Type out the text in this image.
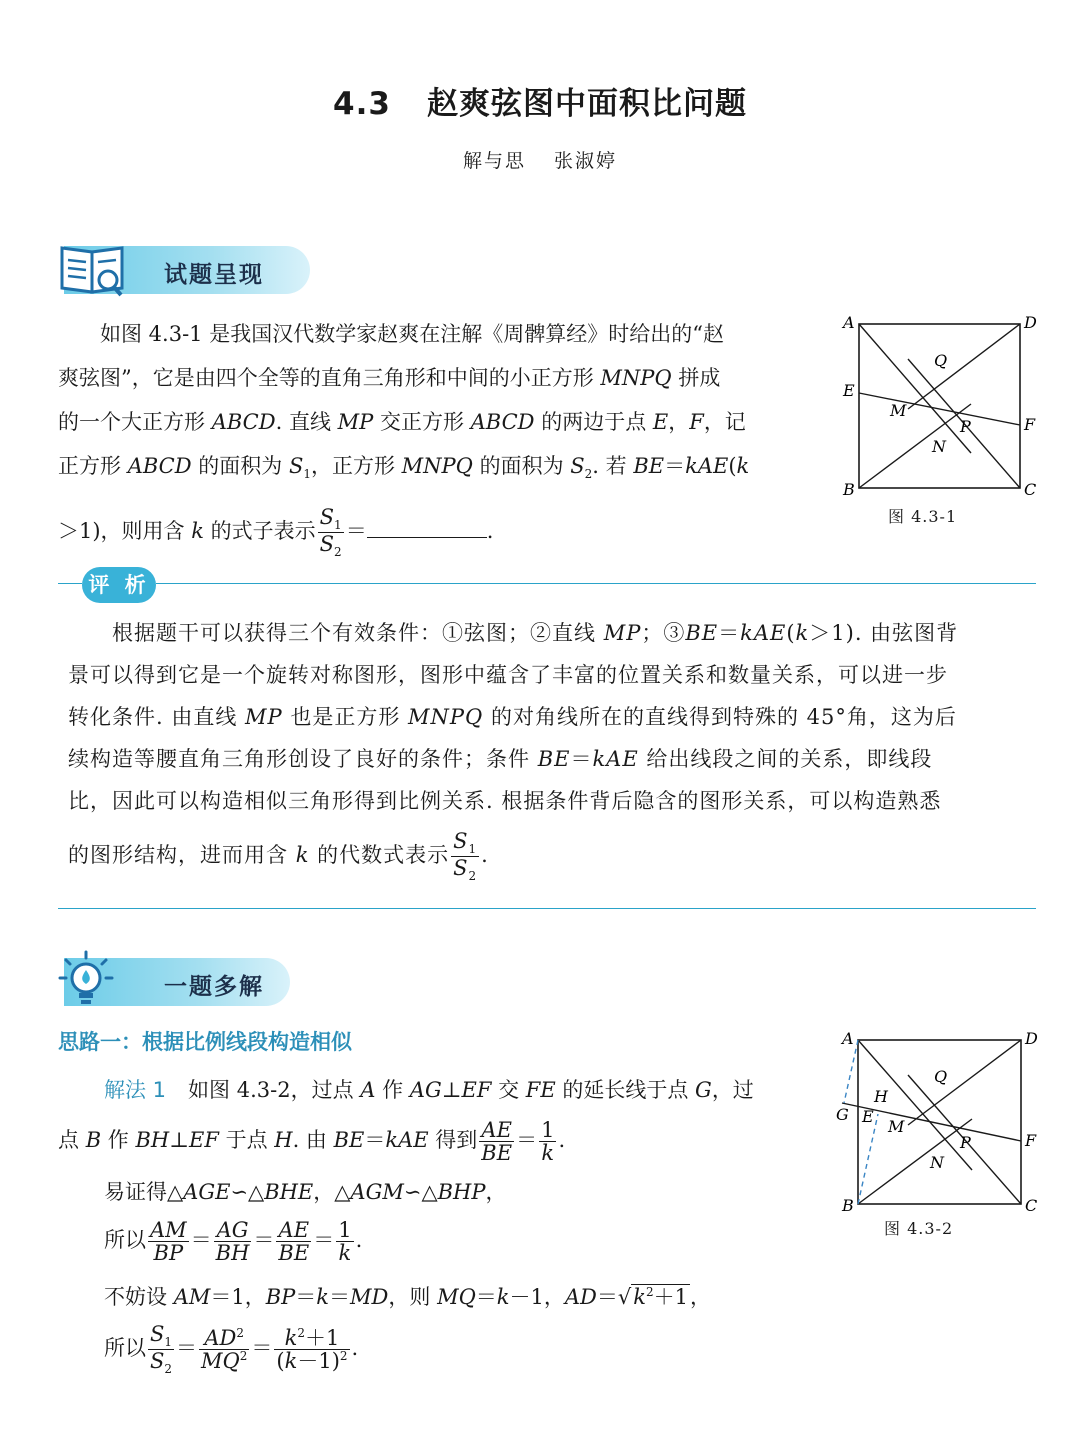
4.3 赵爽弦图中面积比问题
解与思 张淑婷
试题呈现

如图 4.3-1 是我国汉代数学家赵爽在注解《周髀算经》时给出的“赵

爽弦图”，它是由四个全等的直角三角形和中间的小正方形 MNPQ 拼成

的一个大正方形 ABCD. 直线 MP 交正方形 ABCD 的两边于点 E，F，记

正方形 ABCD 的面积为 $S_1$，正方形 MNPQ 的面积为 $S_2$. 若 BE＝kAE(k

＞1)，则用含 k 的式子表示 $\frac{S_1}{S_2}$ ＝	.

A	D
E
Q
M
F
P
N
B	C
图 4.3-1
评 析

根据题干可以获得三个有效条件：①弦图；②直线 MP；③BE＝kAE(k＞1). 由弦图背

景可以得到它是一个旋转对称图形，图形中蕴含了丰富的位置关系和数量关系，可以进一步

转化条件. 由直线 MP 也是正方形 MNPQ 的对角线所在的直线得到特殊的 45°角，这为后

续构造等腰直角三角形创设了良好的条件；条件 BE＝kAE 给出线段之间的关系，即线段

比，因此可以构造相似三角形得到比例关系. 根据条件背后隐含的图形关系，可以构造熟悉

的图形结构，进而用含 k 的代数式表示 $\frac{S_1}{S_2}$ .

一题多解
思路一：根据比例线段构造相似

解法 1 如图 4.3-2，过点 A 作 AG⊥EF 交 FE 的延长线于点 G，过

点 B 作 BH⊥EF 于点 H. 由 BE＝kAE 得到 $\frac{AE}{BE} = \frac{1}{k}$ .

易证得△AGE∽△BHE，△AGM∽△BHP，

所以 $\frac{AM}{BP} = \frac{AG}{BH} = \frac{AE}{BE} = \frac{1}{k}$ .

不妨设 AM＝1，BP＝k＝MD，则 MQ＝k－1，$AD=√k^2+1$，

所以 $\frac{S_1}{S_2} = \frac{AD^2}{MQ^2} = \frac{k^2+1}{(k-1)^2}$ .

A	D
H
Q
G E
M
F
P
N
B	C
图 4.3-2
